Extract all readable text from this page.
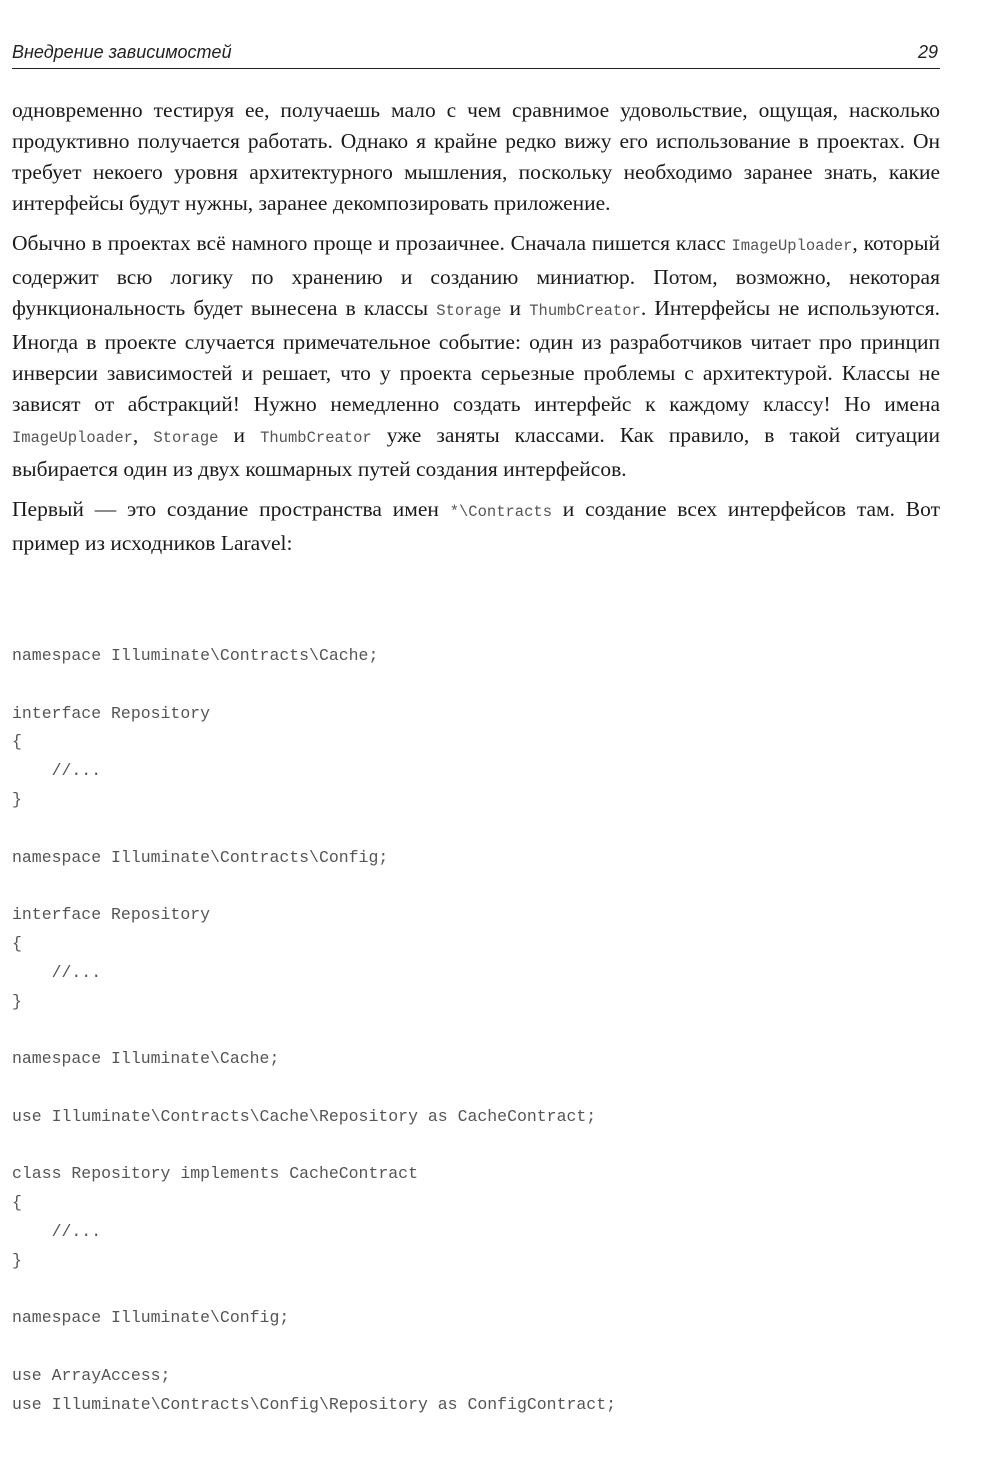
Внедрение зависимостей	29

одновременно тестируя ее, получаешь мало с чем сравнимое удовольствие, ощущая, насколько продуктивно получается работать. Однако я крайне редко вижу его использование в проектах. Он требует некоего уровня архитектурного мышления, поскольку необходимо заранее знать, какие интерфейсы будут нужны, заранее декомпозировать приложение.

Обычно в проектах всё намного проще и прозаичнее. Сначала пишется класс ImageUploader, который содержит всю логику по хранению и созданию миниатюр. Потом, возможно, некоторая функциональность будет вынесена в классы Storage и ThumbCreator. Интерфейсы не используются. Иногда в проекте случается примечательное событие: один из разработчиков читает про принцип инверсии зависимостей и решает, что у проекта серьезные проблемы с архитектурой. Классы не зависят от абстракций! Нужно немедленно создать интерфейс к каждому классу! Но имена ImageUploader, Storage и ThumbCreator уже заняты классами. Как правило, в такой ситуации выбирается один из двух кошмарных путей создания интерфейсов.

Первый — это создание пространства имен *\Contracts и создание всех интерфейсов там. Вот пример из исходников Laravel:

namespace Illuminate\Contracts\Cache;

interface Repository
{
//...
}

namespace Illuminate\Contracts\Config;

interface Repository
{
//...
}

namespace Illuminate\Cache;

use Illuminate\Contracts\Cache\Repository as CacheContract;

class Repository implements CacheContract
{
//...
}

namespace Illuminate\Config;

use ArrayAccess;
use Illuminate\Contracts\Config\Repository as ConfigContract;
